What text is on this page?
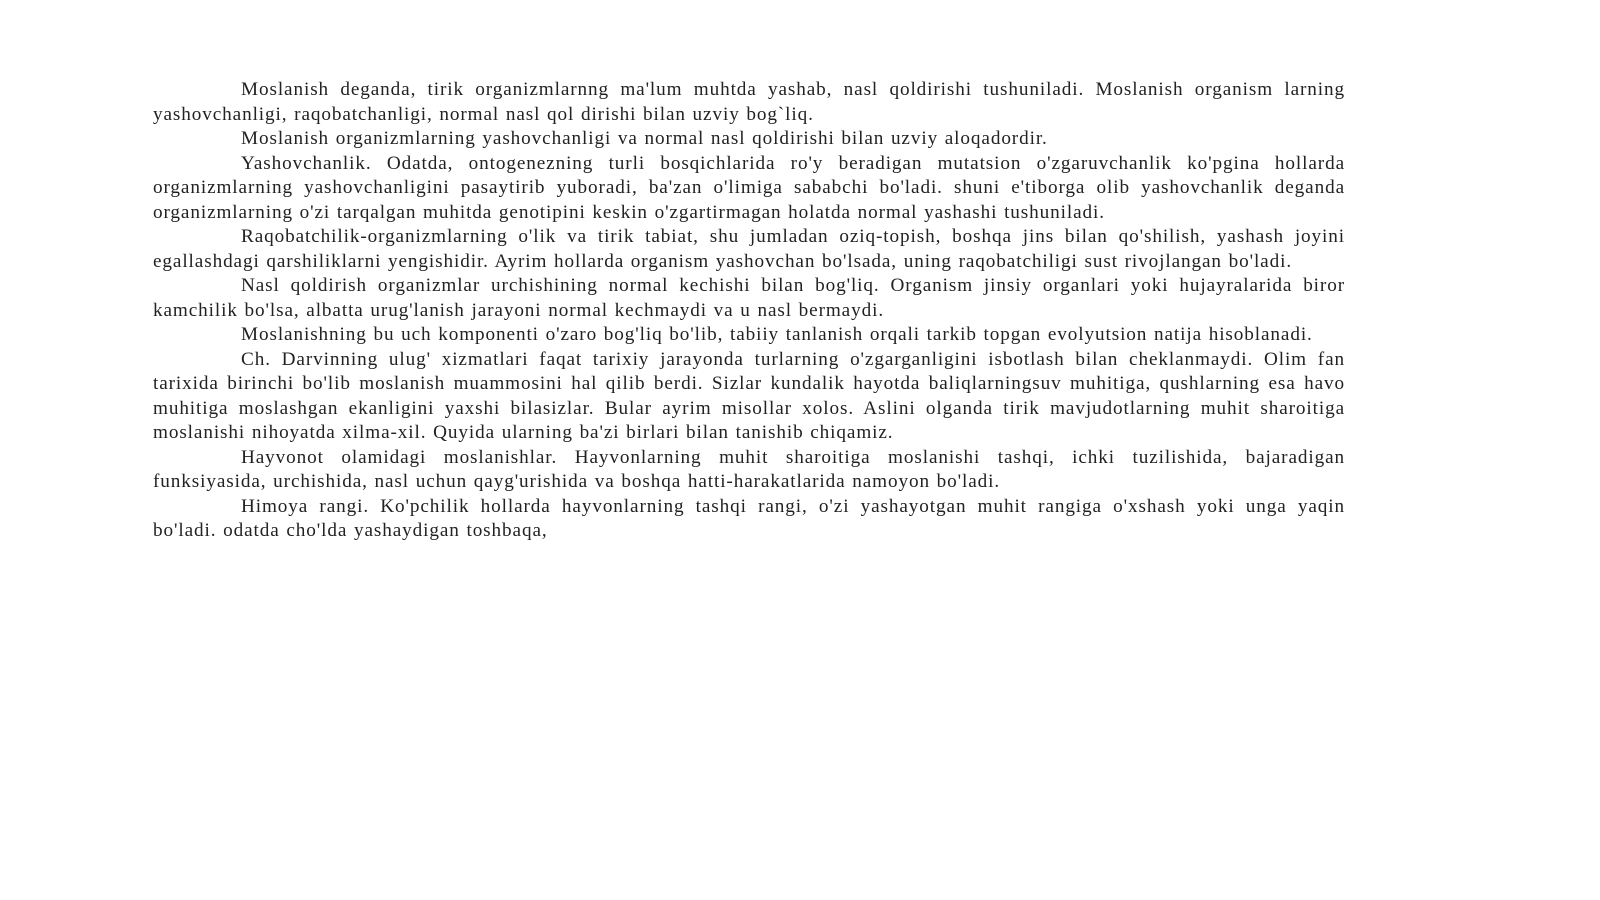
Moslanish deganda, tirik organizmlarnng ma'lum muhtda yashab, nasl qoldirishi tushuniladi. Moslanish organism larning yashovchanligi, raqobatchanligi, normal nasl qol dirishi bilan uzviy bog`liq.

Moslanish organizmlarning yashovchanligi va normal nasl qoldirishi bilan uzviy aloqadordir.

Yashovchanlik. Odatda, ontogenezning turli bosqichlarida ro'y beradigan mutatsion o'zgaruvchanlik ko'pgina hollarda organizmlarning yashovchanligini pasaytirib yuboradi, ba'zan o'limiga sababchi bo'ladi. shuni e'tiborga olib yashovchanlik deganda organizmlarning o'zi tarqalgan muhitda genotipini keskin o'zgartirmagan holatda normal yashashi tushuniladi.

Raqobatchilik-organizmlarning o'lik va tirik tabiat, shu jumladan oziq-topish, boshqa jins bilan qo'shilish, yashash joyini egallashdagi qarshiliklarni yengishidir. Ayrim hollarda organism yashovchan bo'lsada, uning raqobatchiligi sust rivojlangan bo'ladi.

Nasl qoldirish organizmlar urchishining normal kechishi bilan bog'liq. Organism jinsiy organlari yoki hujayralarida biror kamchilik bo'lsa, albatta urug'lanish jarayoni normal kechmaydi va u nasl bermaydi.

Moslanishning bu uch komponenti o'zaro bog'liq bo'lib, tabiiy tanlanish orqali tarkib topgan evolyutsion natija hisoblanadi.

Ch. Darvinning ulug' xizmatlari faqat tarixiy jarayonda turlarning o'zgarganligini isbotlash bilan cheklanmaydi. Olim fan tarixida birinchi bo'lib moslanish muammosini hal qilib berdi. Sizlar kundalik hayotda baliqlarningsuv muhitiga, qushlarning esa havo muhitiga moslashgan ekanligini yaxshi bilasizlar. Bular ayrim misollar xolos. Aslini olganda tirik mavjudotlarning muhit sharoitiga moslanishi nihoyatda xilma-xil. Quyida ularning ba'zi birlari bilan tanishib chiqamiz.

Hayvonot olamidagi moslanishlar. Hayvonlarning muhit sharoitiga moslanishi tashqi, ichki tuzilishida, bajaradigan funksiyasida, urchishida, nasl uchun qayg'urishida va boshqa hatti-harakatlarida namoyon bo'ladi.

Himoya rangi. Ko'pchilik hollarda hayvonlarning tashqi rangi, o'zi yashayotgan muhit rangiga o'xshash yoki unga yaqin bo'ladi. odatda cho'lda yashaydigan toshbaqa,
